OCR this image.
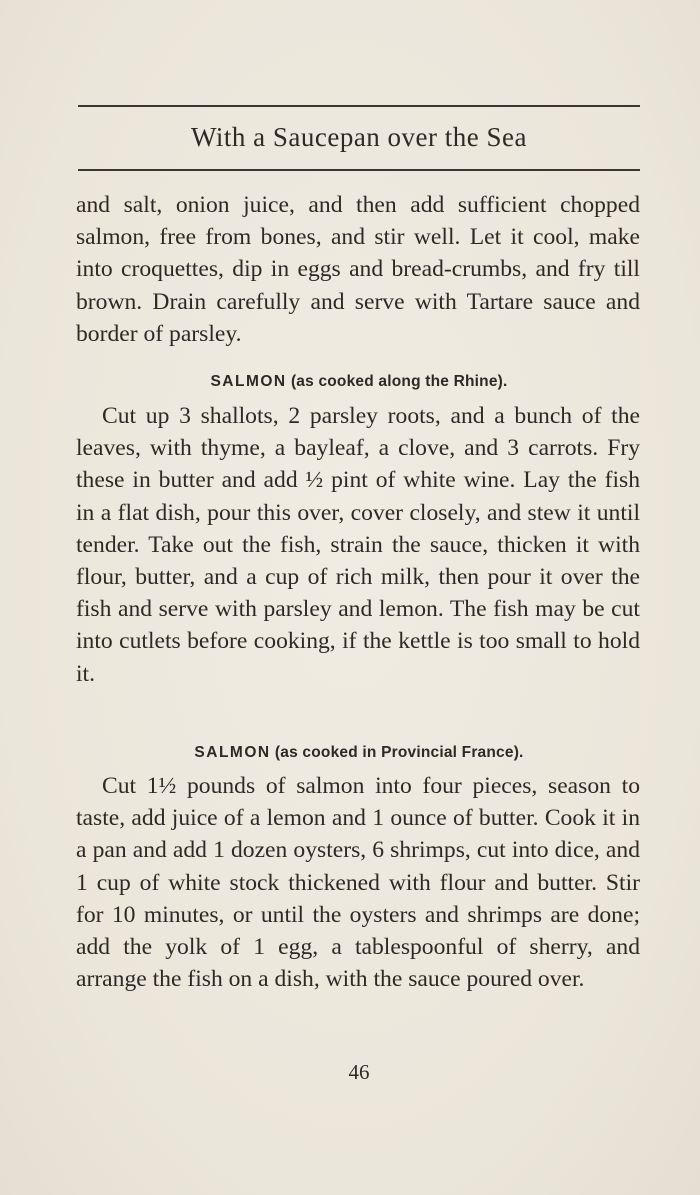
With a Saucepan over the Sea

and salt, onion juice, and then add sufficient chopped salmon, free from bones, and stir well. Let it cool, make into croquettes, dip in eggs and bread-crumbs, and fry till brown. Drain carefully and serve with Tartare sauce and border of parsley.

SALMON (as cooked along the Rhine).

Cut up 3 shallots, 2 parsley roots, and a bunch of the leaves, with thyme, a bayleaf, a clove, and 3 carrots. Fry these in butter and add ½ pint of white wine. Lay the fish in a flat dish, pour this over, cover closely, and stew it until tender. Take out the fish, strain the sauce, thicken it with flour, butter, and a cup of rich milk, then pour it over the fish and serve with parsley and lemon. The fish may be cut into cutlets before cooking, if the kettle is too small to hold it.

SALMON (as cooked in Provincial France).

Cut 1½ pounds of salmon into four pieces, season to taste, add juice of a lemon and 1 ounce of butter. Cook it in a pan and add 1 dozen oysters, 6 shrimps, cut into dice, and 1 cup of white stock thickened with flour and butter. Stir for 10 minutes, or until the oysters and shrimps are done; add the yolk of 1 egg, a tablespoonful of sherry, and arrange the fish on a dish, with the sauce poured over.

46
